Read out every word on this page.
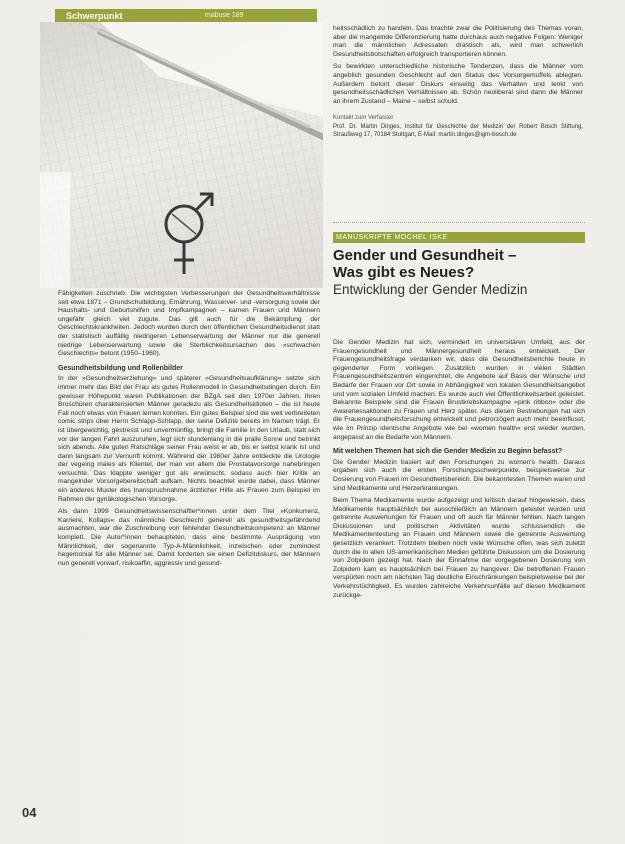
Schwerpunkt	mabuse 189

Fähigkeiten zuschrieb. Die wichtigsten Verbesserungen der Gesundheitsverhältnisse seit etwa 1871 – Grundschulbildung, Ernährung, Wasserver- und -versorgung sowie der Haushalts- und Geburtshilfen und Impfkampagnen – kamen Frauen und Männern ungefähr gleich viel zugute. Das gilt auch für die Bekämpfung der Geschlechtskrankheiten. Jedoch wurden durch den öffentlichen Gesundheitsdienst statt der statistisch auffällig niedrigeren Lebenserwartung der Männer nur die generell niedrige Lebenserwartung sowie die Sterblichkeitsursachen des »schwachen Geschlechts« betont (1950–1960).

Gesundheitsbildung und Rollenbilder

In der »Gesundheitserziehung« und späterer »Gesundheitsaufklärung« setzte sich immer mehr das Bild der Frau als gutes Rollenmodell in Gesundheitsdingen durch. Ein gewisser Höhepunkt waren Publikationen der BZgA seit den 1970er Jahren. Ihren Broschüren charakterisierten Männer geradezu als Gesundheitsidioten – die ist heute Fall noch etwas von Frauen lernen konnten. Ein gutes Beispiel sind die weit verbreiteten comic strips über Herrn Schlapp-Schlapp, der seine Defizite bereits im Namen trägt. Er ist übergewichtig, gestresst und unvermünftig, bringt die Familie in den Urlaub, statt sich vor der langen Fahrt auszuruhen, legt sich stundenlang in die pralle Sonne und betrinkt sich abends. Alle guten Ratschläge seiner Frau weist er ab, bis er selbst krank ist und dann langsam zur Vernunft kommt. Während der 1980er Jahre entdeckte die Urologie der vegeing males als Klientel, der man vor allem die Prostatavorsorge nahebringen versuchte. Das klappte weniger gut als erwünscht, sodass auch hier Kritik an mangelnder Vorsorgebereitschaft aufkam. Nichts beachtet wurde dabei, dass Männer ein anderes Muster des Inanspruchnahme ärztlicher Hilfe als Frauen zum Beispiel im Rahmen der gynäkologischen Vorsorge.

Als dann 1999 Gesundheitswissenschaftler*innen unter dem Titel »Konkurrenz, Karriere, Kollaps« das männliche Geschlecht generell als gesundheitsgefährdend ausmachten, war die Zuschreibung von fehlender Gesundheitskompetenz an Männer komplett. Die Autor*innen behaupteten, dass eine bestimmte Ausprägung von Männlichkeit, der sogenannte Typ-A-Männlichkeit, inzwischen oder zumindest hegemonial für alle Männer sei. Damit forderten sie einen Defizitdiskurs, der Männern nun generell vorwarf, risikoaffin, aggressiv und gesund-

heitsschädlich zu handeln. Das brachte zwar die Politisierung des Themas voran, aber die mangelnde Differenzierung hatte durchaus auch negative Folgen: Weniger man die männlichen Adressaten drastisch als, wird man schwerlich Gesundheitsbotschaften erfolgreich transportieren können.

So bewirkten unterschiedliche historische Tendenzen, dass die Männer vom angeblich gesunden Geschlecht auf den Status des Vorsorgemuffels ablegten. Außerdem betont dieser Diskurs einseitig das Verhalten und lenkt von gesundheitsschädlichen Verhältnissen ab. Schön neoliberal sind dann die Männer an ihrem Zustand – Maine – selbst schuld.

Kontakt zum Verfasser
Prof. Dr. Martin Dinges, Institut für Geschichte der Medizin der Robert Bosch Stiftung, Straußweg 17, 70184 Stuttgart, E-Mail: martin.dinges@igm-bosch.de
MANUSKRIPTE MOCHEL ISKE
Gender und Gesundheit –
Was gibt es Neues?
Entwicklung der Gender Medizin

Die Gender Medizin hat sich, vermindert im universitären Umfeld, aus der Frauengesundheit und Männergesundheit heraus entwickelt. Der Frauengesundheitsfrage verdanken wir, dass die Gesundheitsberichte heute in gegenderter Form vorliegen. Zusätzlich wurden in vielen Städten Frauengesundheitszentren eingerichtet, die Angebote auf Basis der Wünsche und Bedarfe der Frauen vor Ort sowie in Abhängigkeit von lokalen Gesundheitsangebot und vom sozialen Umfeld machen. Es wurde auch viel Öffentlichkeitsarbeit geleistet. Bekannte Beispiele sind die Frauen Brustkrebskampagne »pink ribbon« oder die Awarenessaktionen zu Frauen und Herz später. Aus diesen Bestrebungen hat sich die Frauengesundheitsforschung entwickelt und petrorzögert auch mehr beeinflusst, wie im Prinzip identische Angebote wie bei »women health« erst wieder wurden, angepasst an die Bedarfe von Männern.

Mit welchen Themen hat sich die Gender Medizin zu Beginn befasst?

Die Gender Medizin basiert auf den Forschungen zu women's health. Daraus ergaben sich auch die ersten Forschungsschwerpunkte, beispielsweise zur Dosierung von Frauen im Gesundheitsbereich. Die bekanntesten Themen waren und sind Medikamente und Herzerkrankungen.

Beim Thema Medikamente wurde aufgezeigt und kritisch darauf hingewiesen, dass Medikamente hauptsächlich bei ausschließlich an Männern getestet wurden und getrennte Auswertungen für Frauen und oft auch für Männer fehlten. Nach langen Diskussionen und politischen Aktivitäten wurde schlussendlich die Medikamententestung an Frauen und Männern sowie die getrennte Auswertung gesetzlich verankert. Trotzdem bleiben noch viele Wünsche offen, was sich zuletzt durch die in allen US-amerikanischen Medien geführte Diskussion um die Dosierung von Zolpidem gezeigt hat. Nach der Einnahme der vorgegebenen Dosierung von Zolpidem kam es hauptsächlich bei Frauen zu hangover. Die betroffenen Frauen verspürten noch am nächsten Tag deutliche Einschränkungen beispielsweise bei der Verkehrstüchtigkeit. Es wurden zahlreiche Verkehrsunfälle auf diesen Medikament zurückge-

04
